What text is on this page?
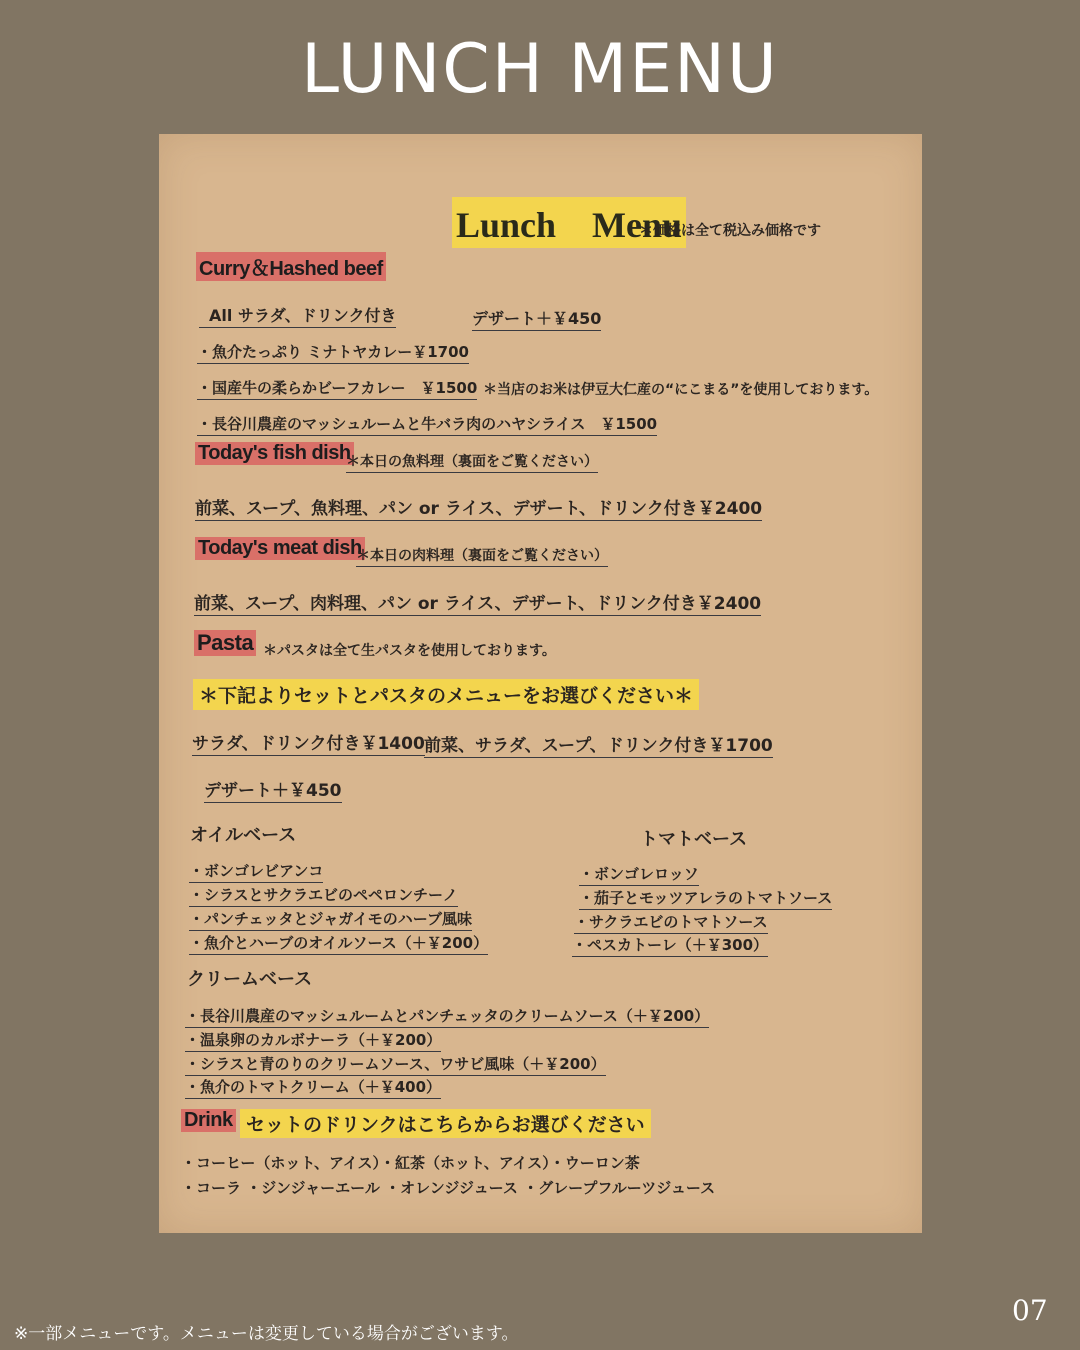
LUNCH MENU
Lunch　Menu
＊価格は全て税込み価格です
Curry＆Hashed beef
All サラダ、ドリンク付き	デザート＋￥450
・魚介たっぷり ミナトヤカレー￥1700
・国産牛の柔らかビーフカレー　￥1500 ＊当店のお米は伊豆大仁産の“にこまる”を使用しております。
・長谷川農産のマッシュルームと牛バラ肉のハヤシライス　￥1500
Today's fish dish
＊本日の魚料理（裏面をご覧ください）
前菜、スープ、魚料理、パン or ライス、デザート、ドリンク付き￥2400
Today's meat dish
＊本日の肉料理（裏面をご覧ください）
前菜、スープ、肉料理、パン or ライス、デザート、ドリンク付き￥2400
Pasta ＊パスタは全て生パスタを使用しております。
＊下記よりセットとパスタのメニューをお選びください＊
サラダ、ドリンク付き￥1400 前菜、サラダ、スープ、ドリンク付き￥1700
デザート＋￥450
オイルベース
・ボンゴレビアンコ
・シラスとサクラエビのペペロンチーノ
・パンチェッタとジャガイモのハーブ風味
・魚介とハーブのオイルソース（＋￥200）
トマトベース
・ボンゴレロッソ
・茄子とモッツアレラのトマトソース
・サクラエビのトマトソース
・ペスカトーレ（＋￥300）
クリームベース
・長谷川農産のマッシュルームとパンチェッタのクリームソース（＋￥200）
・温泉卵のカルボナーラ（＋￥200）
・シラスと青のりのクリームソース、ワサビ風味（＋￥200）
・魚介のトマトクリーム（＋￥400）
Drink セットのドリンクはこちらからお選びください
・コーヒー（ホット、アイス）・紅茶（ホット、アイス）・ウーロン茶
・コーラ ・ジンジャーエール ・オレンジジュース ・グレープフルーツジュース
※一部メニューです。メニューは変更している場合がございます。
07
